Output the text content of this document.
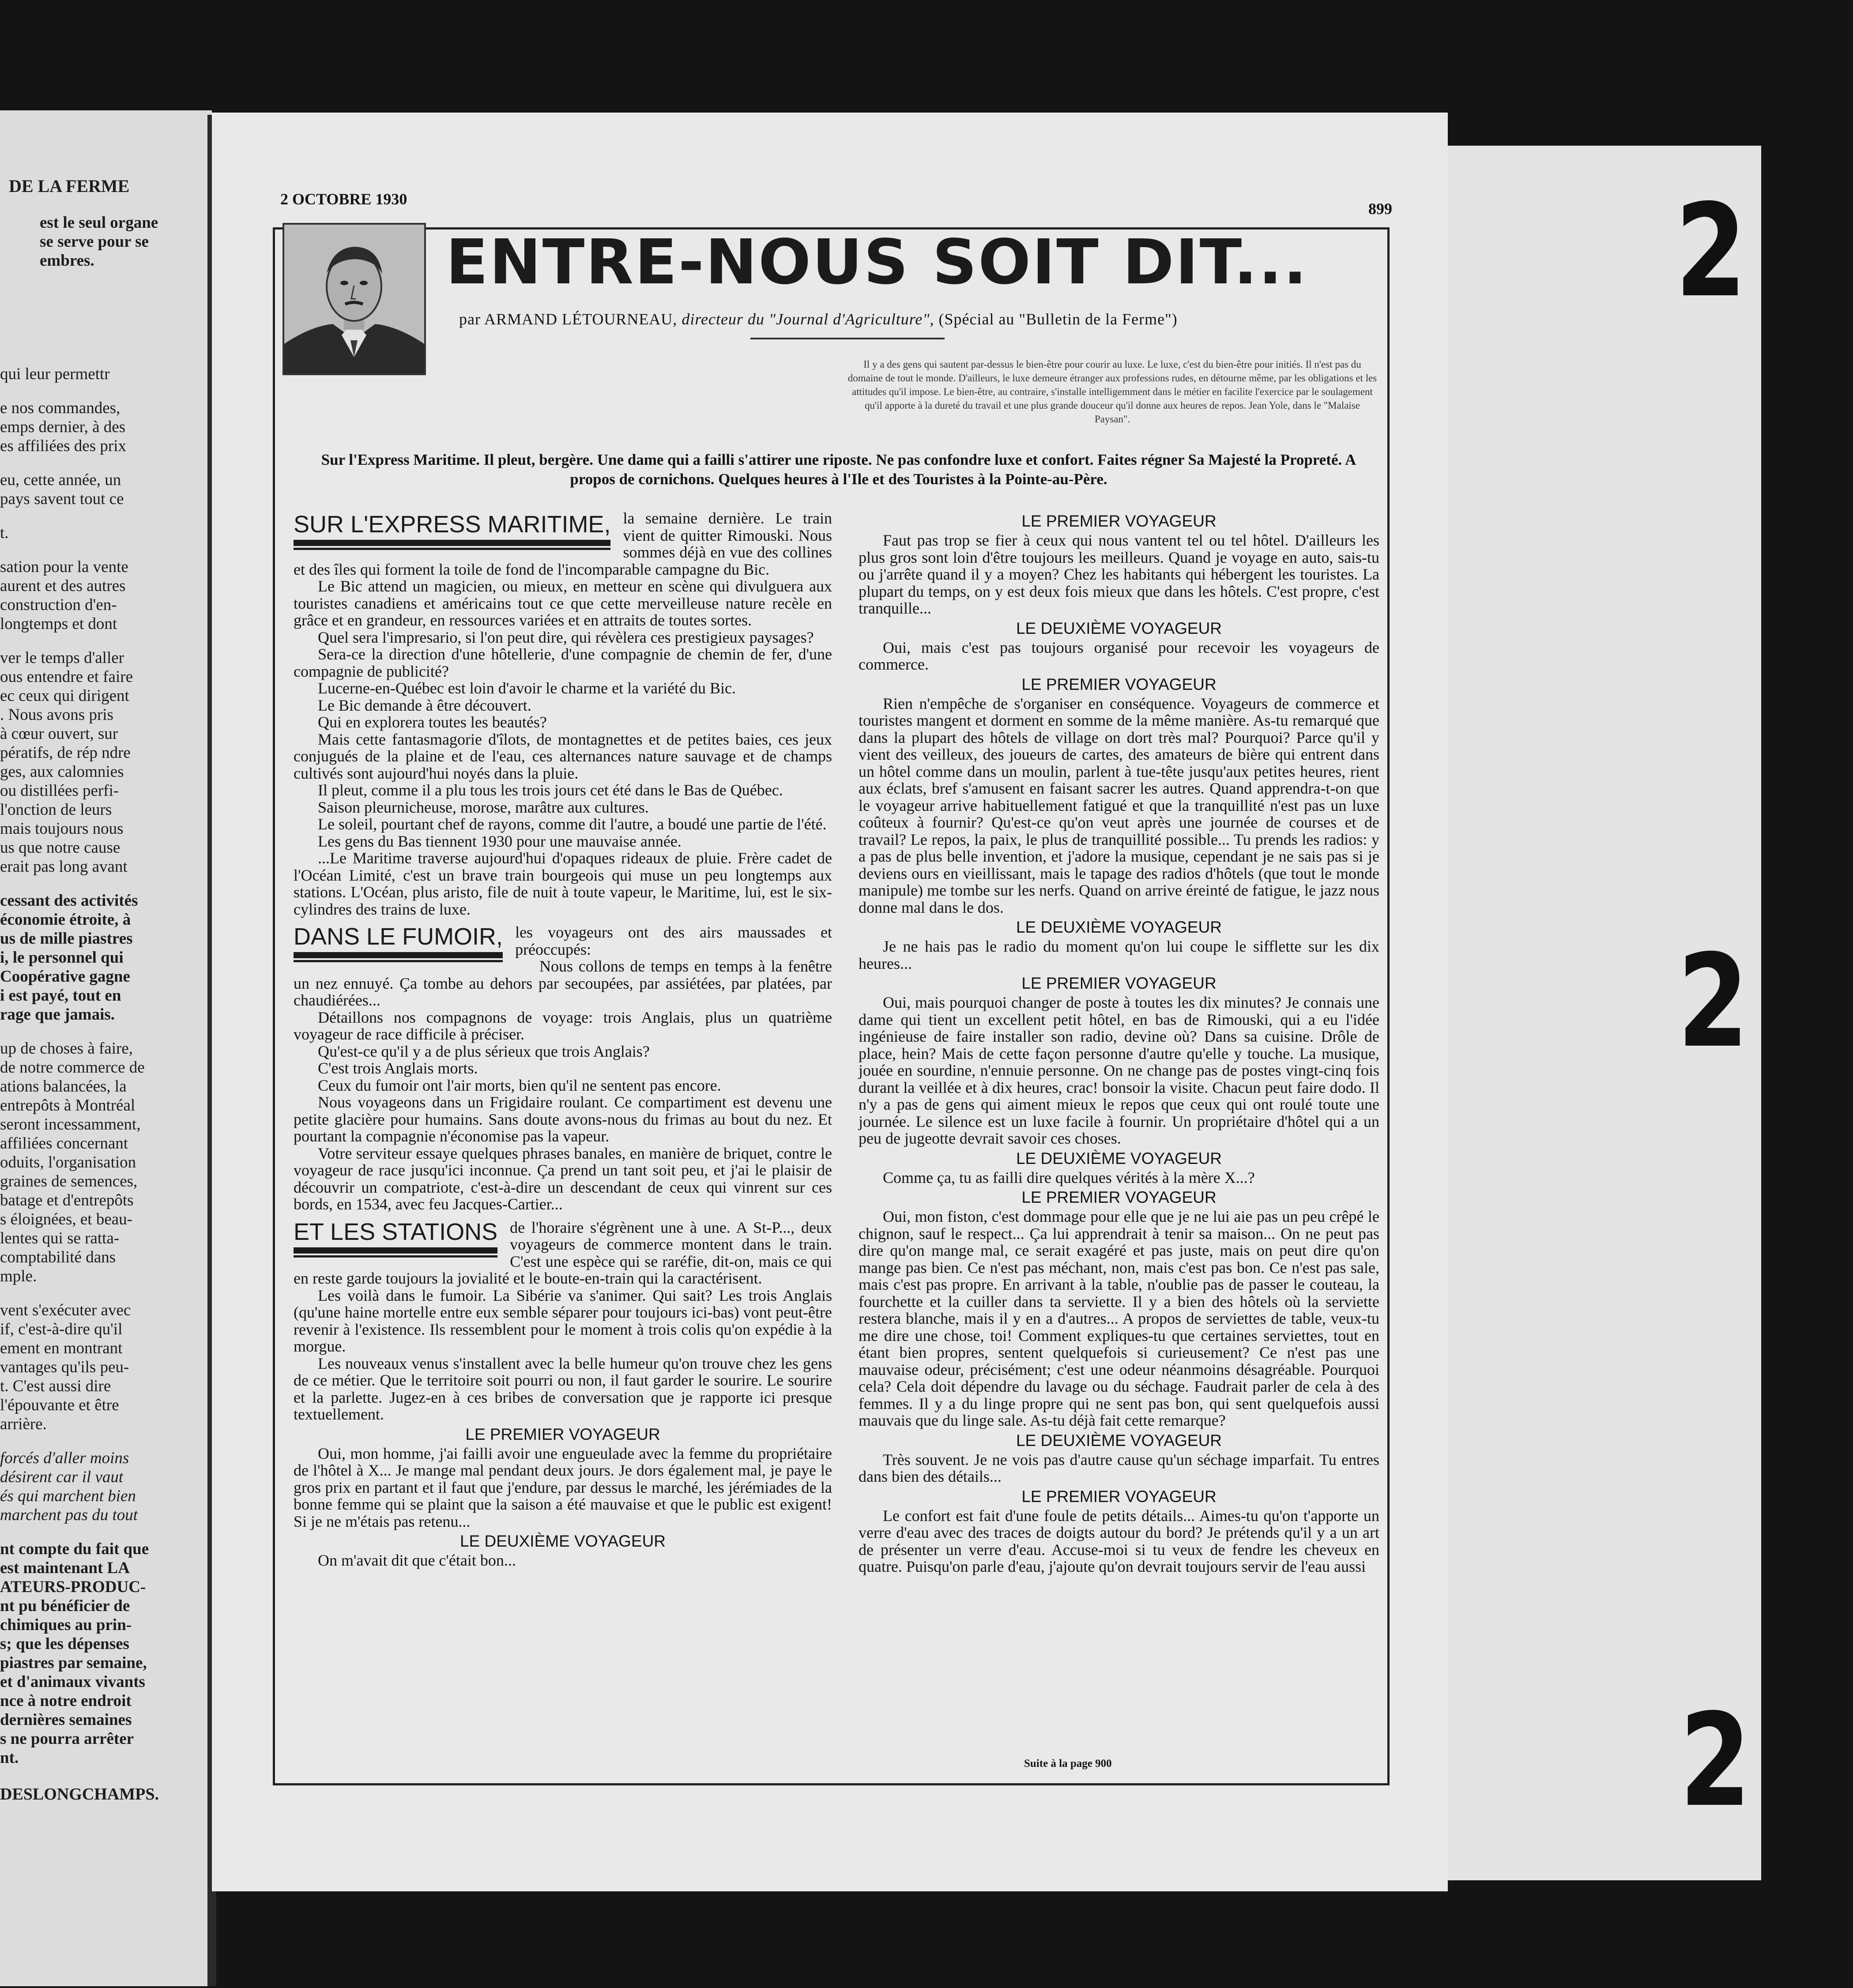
DE LA FERME

est le seul organe
se serve pour se
embres.

qui leur permettr

e nos commandes,
emps dernier, à des
es affiliées des prix

eu, cette année, un
pays savent tout ce

t.

sation pour la vente
aurent et des autres
construction d'en-
longtemps et dont

ver le temps d'aller
ous entendre et faire
ec ceux qui dirigent
. Nous avons pris
à cœur ouvert, sur
pératifs, de rép ndre
ges, aux calomnies
ou distillées perfi-
l'onction de leurs
mais toujours nous
us que notre cause
erait pas long avant

cessant des activités
économie étroite, à
us de mille piastres
i, le personnel qui
Coopérative gagne
i est payé, tout en
rage que jamais.

up de choses à faire,
de notre commerce de
ations balancées, la
entrepôts à Montréal
seront incessamment,
affiliées concernant
oduits, l'organisation
graines de semences,
batage et d'entrepôts
s éloignées, et beau-
lentes qui se ratta-
comptabilité dans
mple.

vent s'exécuter avec
if, c'est-à-dire qu'il
ement en montrant
vantages qu'ils peu-
t. C'est aussi dire
l'épouvante et être
arrière.

forcés d'aller moins
désirent car il vaut
és qui marchent bien
marchent pas du tout

nt compte du fait que
est maintenant LA
ATEURS-PRODUC-
nt pu bénéficier de
chimiques au prin-
s; que les dépenses
piastres par semaine,
et d'animaux vivants
nce à notre endroit
dernières semaines
s ne pourra arrêter
nt.

DESLONGCHAMPS.
2 OCTOBRE 1930
899
ENTRE-NOUS SOIT DIT...
par ARMAND LÉTOURNEAU, directeur du "Journal d'Agriculture", (Spécial au "Bulletin de la Ferme")
Il y a des gens qui sautent par-dessus le bien-être pour courir au luxe. Le luxe, c'est du bien-être pour initiés. Il n'est pas du domaine de tout le monde. D'ailleurs, le luxe demeure étranger aux professions rudes, en détourne même, par les obligations et les attitudes qu'il impose. Le bien-être, au contraire, s'installe intelligemment dans le métier en facilite l'exercice par le soulagement qu'il apporte à la dureté du travail et une plus grande douceur qu'il donne aux heures de repos. Jean Yole, dans le "Malaise Paysan".
Sur l'Express Maritime. Il pleut, bergère. Une dame qui a failli s'attirer une riposte. Ne pas confondre luxe et confort. Faites régner Sa Majesté la Propreté. A propos de cornichons. Quelques heures à l'Ile et des Touristes à la Pointe-au-Père.
SUR L'EXPRESS MARITIME, la semaine dernière. Le train vient de quitter Rimouski. Nous sommes déjà en vue des collines et des îles qui forment la toile de fond de l'incomparable campagne du Bic.

Le Bic attend un magicien, ou mieux, en metteur en scène qui divulguera aux touristes canadiens et américains tout ce que cette merveilleuse nature recèle en grâce et en grandeur, en ressources variées et en attraits de toutes sortes.

Quel sera l'impresario, si l'on peut dire, qui révèlera ces prestigieux paysages?

Sera-ce la direction d'une hôtellerie, d'une compagnie de chemin de fer, d'une compagnie de publicité?

Lucerne-en-Québec est loin d'avoir le charme et la variété du Bic.

Le Bic demande à être découvert.

Qui en explorera toutes les beautés?

Mais cette fantasmagorie d'îlots, de montagnettes et de petites baies, ces jeux conjugués de la plaine et de l'eau, ces alternances nature sauvage et de champs cultivés sont aujourd'hui noyés dans la pluie.

Il pleut, comme il a plu tous les trois jours cet été dans le Bas de Québec.

Saison pleurnicheuse, morose, marâtre aux cultures.

Le soleil, pourtant chef de rayons, comme dit l'autre, a boudé une partie de l'été.

Les gens du Bas tiennent 1930 pour une mauvaise année.

...Le Maritime traverse aujourd'hui d'opaques rideaux de pluie. Frère cadet de l'Océan Limité, c'est un brave train bourgeois qui muse un peu longtemps aux stations. L'Océan, plus aristo, file de nuit à toute vapeur, le Maritime, lui, est le six-cylindres des trains de luxe.

DANS LE FUMOIR, les voyageurs ont des airs maussades et préoccupés:

Nous collons de temps en temps à la fenêtre un nez ennuyé. Ça tombe au dehors par secoupées, par assiétées, par platées, par chaudiérées...

Détaillons nos compagnons de voyage: trois Anglais, plus un quatrième voyageur de race difficile à préciser.

Qu'est-ce qu'il y a de plus sérieux que trois Anglais?

C'est trois Anglais morts.

Ceux du fumoir ont l'air morts, bien qu'il ne sentent pas encore.

Nous voyageons dans un Frigidaire roulant. Ce compartiment est devenu une petite glacière pour humains. Sans doute avons-nous du frimas au bout du nez. Et pourtant la compagnie n'économise pas la vapeur.

Votre serviteur essaye quelques phrases banales, en manière de briquet, contre le voyageur de race jusqu'ici inconnue. Ça prend un tant soit peu, et j'ai le plaisir de découvrir un compatriote, c'est-à-dire un descendant de ceux qui vinrent sur ces bords, en 1534, avec feu Jacques-Cartier...

ET LES STATIONS de l'horaire s'égrènent une à une. A St-P..., deux voyageurs de commerce montent dans le train. C'est une espèce qui se raréfie, dit-on, mais ce qui en reste garde toujours la jovialité et le boute-en-train qui la caractérisent.

Les voilà dans le fumoir. La Sibérie va s'animer. Qui sait? Les trois Anglais (qu'une haine mortelle entre eux semble séparer pour toujours ici-bas) vont peut-être revenir à l'existence. Ils ressemblent pour le moment à trois colis qu'on expédie à la morgue.

Les nouveaux venus s'installent avec la belle humeur qu'on trouve chez les gens de ce métier. Que le territoire soit pourri ou non, il faut garder le sourire. Le sourire et la parlette. Jugez-en à ces bribes de conversation que je rapporte ici presque textuellement.

LE PREMIER VOYAGEUR

Oui, mon homme, j'ai failli avoir une engueulade avec la femme du propriétaire de l'hôtel à X... Je mange mal pendant deux jours. Je dors également mal, je paye le gros prix en partant et il faut que j'endure, par dessus le marché, les jérémiades de la bonne femme qui se plaint que la saison a été mauvaise et que le public est exigent! Si je ne m'étais pas retenu...

LE DEUXIÈME VOYAGEUR

On m'avait dit que c'était bon...

LE PREMIER VOYAGEUR

Faut pas trop se fier à ceux qui nous vantent tel ou tel hôtel. D'ailleurs les plus gros sont loin d'être toujours les meilleurs. Quand je voyage en auto, sais-tu ou j'arrête quand il y a moyen? Chez les habitants qui hébergent les touristes. La plupart du temps, on y est deux fois mieux que dans les hôtels. C'est propre, c'est tranquille...

LE DEUXIÈME VOYAGEUR

Oui, mais c'est pas toujours organisé pour recevoir les voyageurs de commerce.

LE PREMIER VOYAGEUR

Rien n'empêche de s'organiser en conséquence. Voyageurs de commerce et touristes mangent et dorment en somme de la même manière. As-tu remarqué que dans la plupart des hôtels de village on dort très mal? Pourquoi? Parce qu'il y vient des veilleux, des joueurs de cartes, des amateurs de bière qui entrent dans un hôtel comme dans un moulin, parlent à tue-tête jusqu'aux petites heures, rient aux éclats, bref s'amusent en faisant sacrer les autres. Quand apprendra-t-on que le voyageur arrive habituellement fatigué et que la tranquillité n'est pas un luxe coûteux à fournir? Qu'est-ce qu'on veut après une journée de courses et de travail? Le repos, la paix, le plus de tranquillité possible... Tu prends les radios: y a pas de plus belle invention, et j'adore la musique, cependant je ne sais pas si je deviens ours en vieillissant, mais le tapage des radios d'hôtels (que tout le monde manipule) me tombe sur les nerfs. Quand on arrive éreinté de fatigue, le jazz nous donne mal dans le dos.

LE DEUXIÈME VOYAGEUR

Je ne hais pas le radio du moment qu'on lui coupe le sifflette sur les dix heures...

LE PREMIER VOYAGEUR

Oui, mais pourquoi changer de poste à toutes les dix minutes? Je connais une dame qui tient un excellent petit hôtel, en bas de Rimouski, qui a eu l'idée ingénieuse de faire installer son radio, devine où? Dans sa cuisine. Drôle de place, hein? Mais de cette façon personne d'autre qu'elle y touche. La musique, jouée en sourdine, n'ennuie personne. On ne change pas de postes vingt-cinq fois durant la veillée et à dix heures, crac! bonsoir la visite. Chacun peut faire dodo. Il n'y a pas de gens qui aiment mieux le repos que ceux qui ont roulé toute une journée. Le silence est un luxe facile à fournir. Un propriétaire d'hôtel qui a un peu de jugeotte devrait savoir ces choses.

LE DEUXIÈME VOYAGEUR

Comme ça, tu as failli dire quelques vérités à la mère X...?

LE PREMIER VOYAGEUR

Oui, mon fiston, c'est dommage pour elle que je ne lui aie pas un peu crêpé le chignon, sauf le respect... Ça lui apprendrait à tenir sa maison... On ne peut pas dire qu'on mange mal, ce serait exagéré et pas juste, mais on peut dire qu'on mange pas bien. Ce n'est pas méchant, non, mais c'est pas bon. Ce n'est pas sale, mais c'est pas propre. En arrivant à la table, n'oublie pas de passer le couteau, la fourchette et la cuiller dans ta serviette. Il y a bien des hôtels où la serviette restera blanche, mais il y en a d'autres... A propos de serviettes de table, veux-tu me dire une chose, toi! Comment expliques-tu que certaines serviettes, tout en étant bien propres, sentent quelquefois si curieusement? Ce n'est pas une mauvaise odeur, précisément; c'est une odeur néanmoins désagréable. Pourquoi cela? Cela doit dépendre du lavage ou du séchage. Faudrait parler de cela à des femmes. Il y a du linge propre qui ne sent pas bon, qui sent quelquefois aussi mauvais que du linge sale. As-tu déjà fait cette remarque?

LE DEUXIÈME VOYAGEUR

Très souvent. Je ne vois pas d'autre cause qu'un séchage imparfait. Tu entres dans bien des détails...

LE PREMIER VOYAGEUR

Le confort est fait d'une foule de petits détails... Aimes-tu qu'on t'apporte un verre d'eau avec des traces de doigts autour du bord? Je prétends qu'il y a un art de présenter un verre d'eau. Accuse-moi si tu veux de fendre les cheveux en quatre. Puisqu'on parle d'eau, j'ajoute qu'on devrait toujours servir de l'eau aussi

Suite à la page 900
2
2
2
